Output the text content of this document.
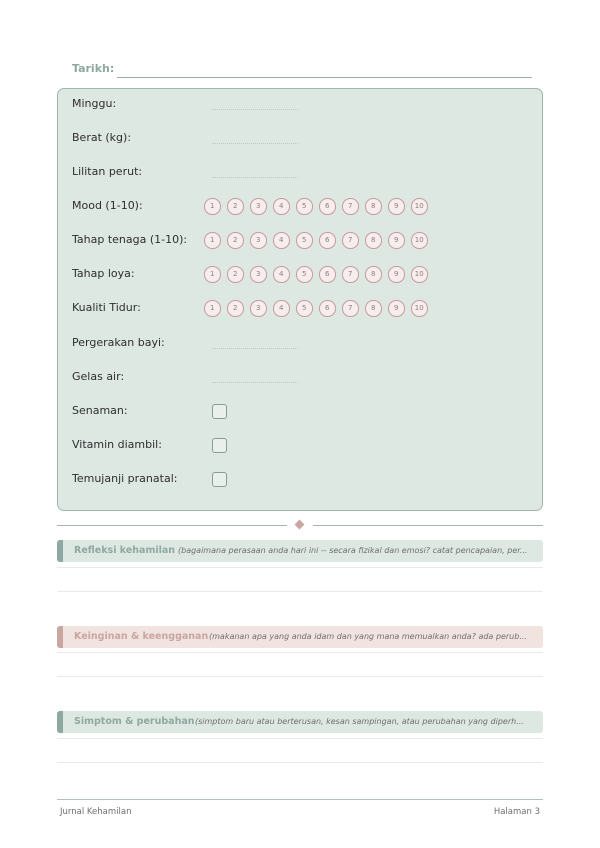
Tarikh:
Minggu:
Berat (kg):
Lilitan perut:
Mood (1-10):	1	2	3	4	5	6	7	8	9	10
Tahap tenaga (1-10):	1	2	3	4	5	6	7	8	9	10
Tahap loya:	1	2	3	4	5	6	7	8	9	10
Kualiti Tidur:	1	2	3	4	5	6	7	8	9	10
Pergerakan bayi:
Gelas air:
Senaman:
Vitamin diambil:
Temujanji pranatal:
Refleksi kehamilan (bagaimana perasaan anda hari ini -- secara fizikal dan emosi? catat pencapaian, per...
Keinginan & keengganan (makanan apa yang anda idam dan yang mana memualkan anda? ada perub...
Simptom & perubahan (simptom baru atau berterusan, kesan sampingan, atau perubahan yang diperh...
Jurnal Kehamilan	Halaman 3
